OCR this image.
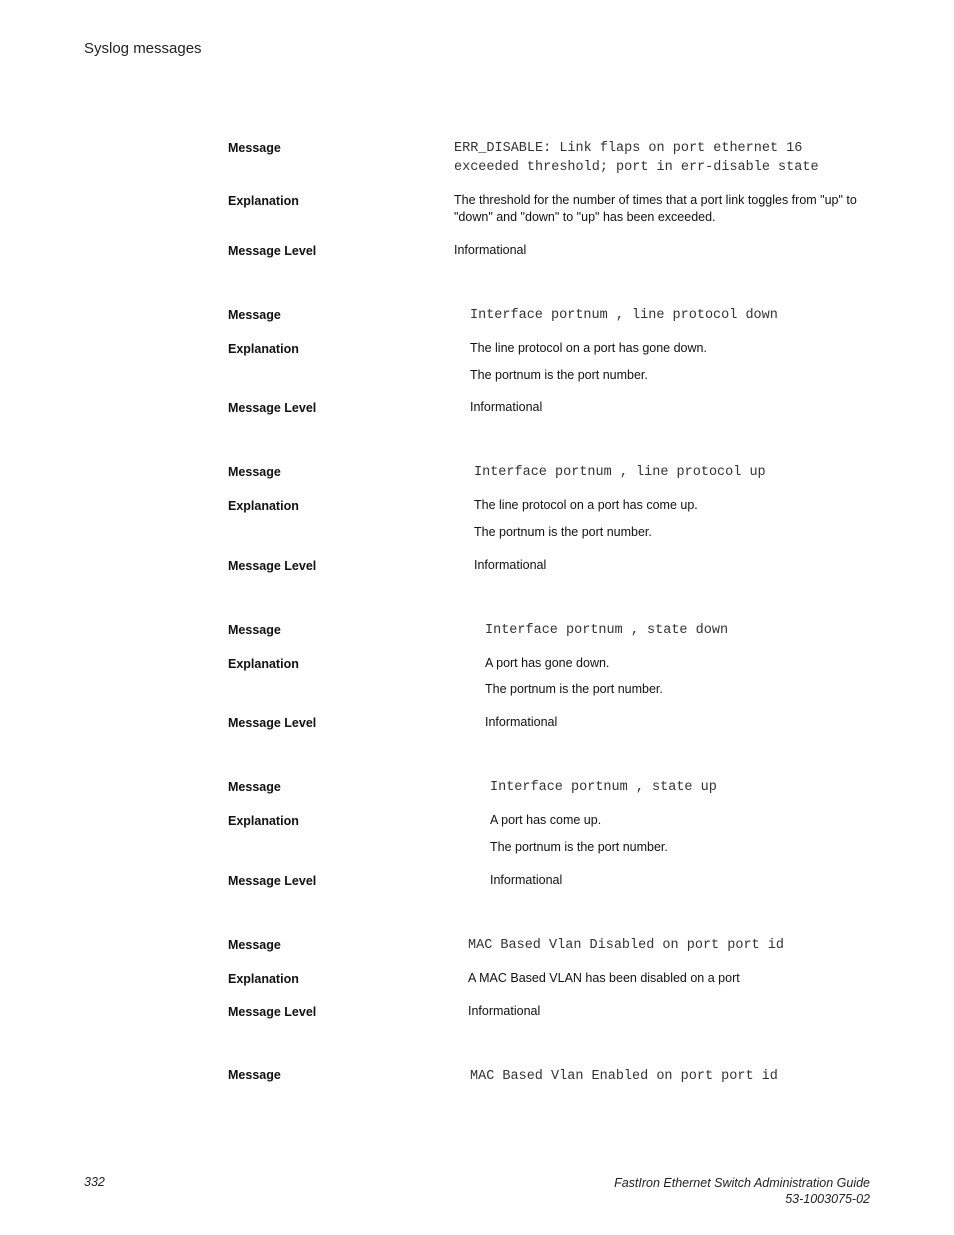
Syslog messages
Message	ERR_DISABLE: Link flaps on port ethernet 16
exceeded threshold; port in err-disable state
Explanation	The threshold for the number of times that a port link toggles from "up" to
"down" and "down" to "up" has been exceeded.
Message Level	Informational
Message	Interface portnum , line protocol down
Explanation	The line protocol on a port has gone down.
The portnum is the port number.
Message Level	Informational
Message	Interface portnum , line protocol up
Explanation	The line protocol on a port has come up.
The portnum is the port number.
Message Level	Informational
Message	Interface portnum , state down
Explanation	A port has gone down.
The portnum is the port number.
Message Level	Informational
Message	Interface portnum , state up
Explanation	A port has come up.
The portnum is the port number.
Message Level	Informational
Message	MAC Based Vlan Disabled on port port id
Explanation	A MAC Based VLAN has been disabled on a port
Message Level	Informational
Message	MAC Based Vlan Enabled on port port id
332	FastIron Ethernet Switch Administration Guide
53-1003075-02
